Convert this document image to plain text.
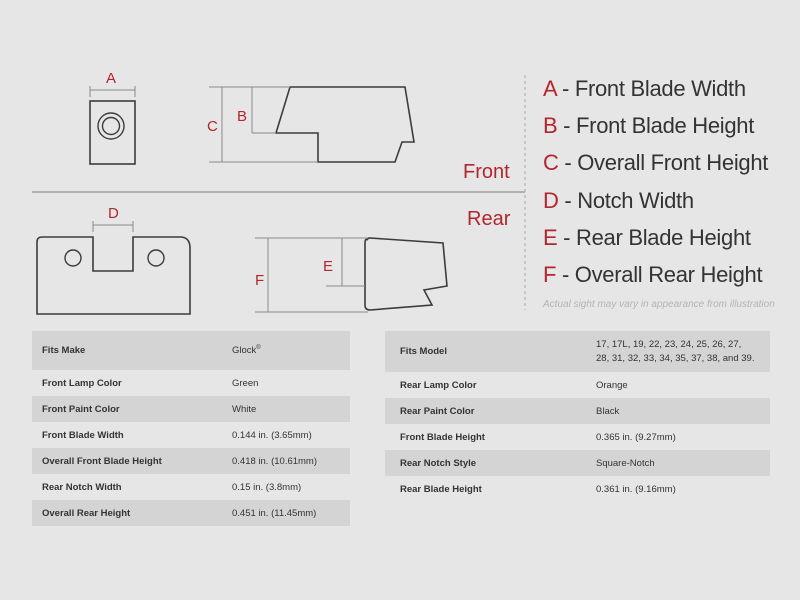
A
C
B
Front
Rear
D
F
E
A - Front Blade Width
B - Front Blade Height
C - Overall Front Height
D - Notch Width
E - Rear Blade Height
F - Overall Rear Height
Actual sight may vary in appearance from illustration
Fits Make	Glock®
Front Lamp Color	Green
Front Paint Color	White
Front Blade Width	0.144 in. (3.65mm)
Overall Front Blade Height	0.418 in. (10.61mm)
Rear Notch Width	0.15 in. (3.8mm)
Overall Rear Height	0.451 in. (11.45mm)
Fits Model	17, 17L, 19, 22, 23, 24, 25, 26, 27, 28, 31, 32, 33, 34, 35, 37, 38, and 39.
Rear Lamp Color	Orange
Rear Paint Color	Black
Front Blade Height	0.365 in. (9.27mm)
Rear Notch Style	Square-Notch
Rear Blade Height	0.361 in. (9.16mm)
